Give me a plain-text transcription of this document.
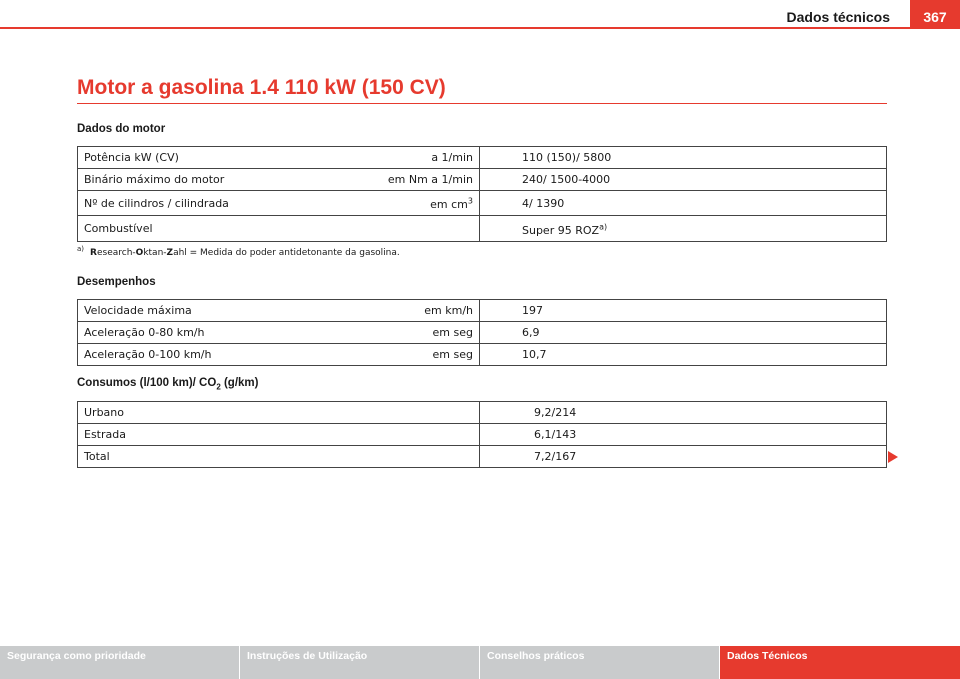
Dados técnicos	367
Motor a gasolina 1.4 110 kW (150 CV)
Dados do motor
Potência kW (CV)	a 1/min	110 (150)/ 5800
Binário máximo do motor	em Nm a 1/min	240/ 1500-4000
Nº de cilindros / cilindrada	em $cm^3$	4/ 1390
Combustível		Super 95 ROZ$^{a)}$
$^{a)}$ Research-Oktan-Zahl = Medida do poder antidetonante da gasolina.
Desempenhos
Velocidade máxima	em km/h	197
Aceleração 0-80 km/h	em seg	6,9
Aceleração 0-100 km/h	em seg	10,7
Consumos (l/100 km)/ $CO_2$ (g/km)
Urbano	9,2/214
Estrada	6,1/143
Total	7,2/167
Segurança como prioridade	Instruções de Utilização	Conselhos práticos	Dados Técnicos
